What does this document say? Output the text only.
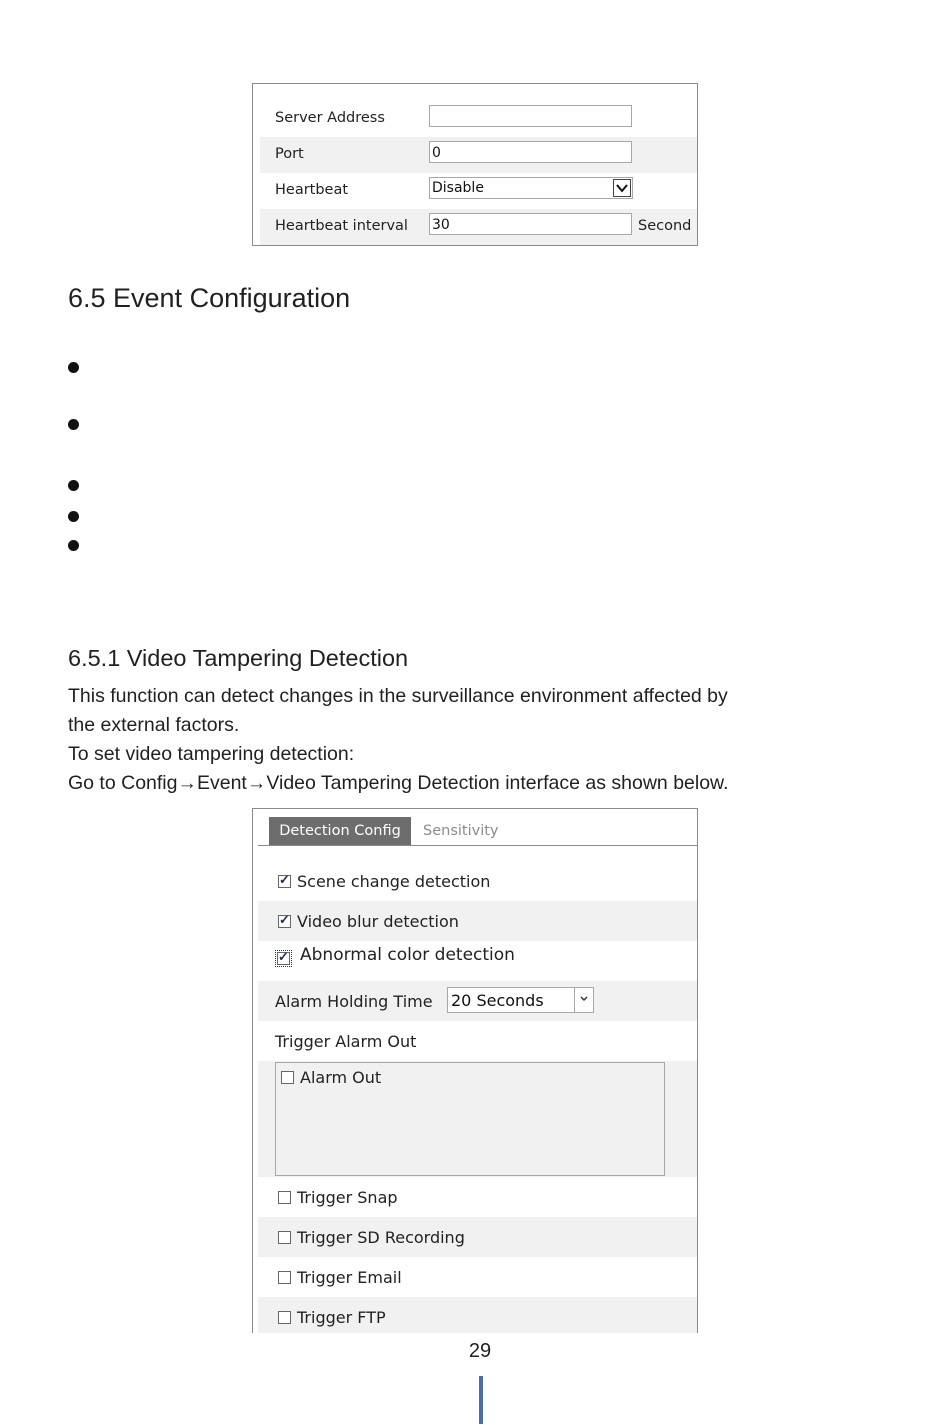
Server Address
Port	0
Heartbeat	Disable
Heartbeat interval 30	Second
6.5 Event Configuration
6.5.1 Video Tampering Detection
This function can detect changes in the surveillance environment affected by
the external factors.
To set video tampering detection:
Go to Config→Event→Video Tampering Detection interface as shown below.
Detection Config	Sensitivity
✓
Scene change detection
✓
Video blur detection
✓
Abnormal color detection
Alarm Holding Time 20 Seconds
Trigger Alarm Out
Alarm Out
Trigger Snap
Trigger SD Recording
Trigger Email
Trigger FTP
29
